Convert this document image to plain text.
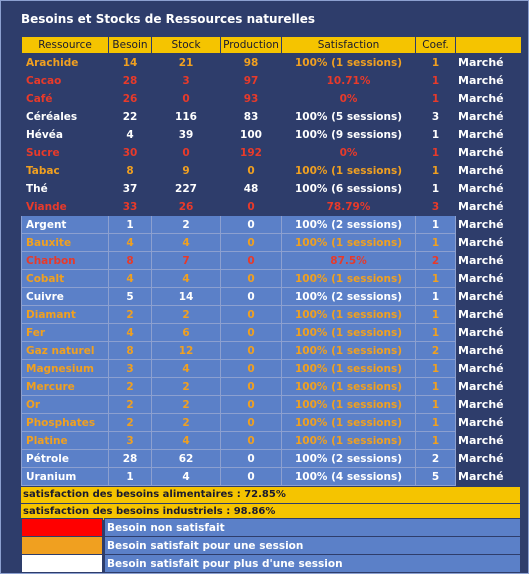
Besoins et Stocks de Ressources naturelles
Ressource	Besoin	Stock	Production	Satisfaction	Coef.	
Arachide	14	21	98	100% (1 sessions)	1	Marché
Cacao	28	3	97	10.71%	1	Marché
Café	26	0	93	0%	1	Marché
Céréales	22	116	83	100% (5 sessions)	3	Marché
Hévéa	4	39	100	100% (9 sessions)	1	Marché
Sucre	30	0	192	0%	1	Marché
Tabac	8	9	0	100% (1 sessions)	1	Marché
Thé	37	227	48	100% (6 sessions)	1	Marché
Viande	33	26	0	78.79%	3	Marché
Argent	1	2	0	100% (2 sessions)	1	Marché
Bauxite	4	4	0	100% (1 sessions)	1	Marché
Charbon	8	7	0	87.5%	2	Marché
Cobalt	4	4	0	100% (1 sessions)	1	Marché
Cuivre	5	14	0	100% (2 sessions)	1	Marché
Diamant	2	2	0	100% (1 sessions)	1	Marché
Fer	4	6	0	100% (1 sessions)	1	Marché
Gaz naturel	8	12	0	100% (1 sessions)	2	Marché
Magnesium	3	4	0	100% (1 sessions)	1	Marché
Mercure	2	2	0	100% (1 sessions)	1	Marché
Or	2	2	0	100% (1 sessions)	1	Marché
Phosphates	2	2	0	100% (1 sessions)	1	Marché
Platine	3	4	0	100% (1 sessions)	1	Marché
Pétrole	28	62	0	100% (2 sessions)	2	Marché
Uranium	1	4	0	100% (4 sessions)	5	Marché
satisfaction des besoins alimentaires : 72.85%
satisfaction des besoins industriels : 98.86%
Besoin non satisfait
Besoin satisfait pour une session
Besoin satisfait pour plus d'une session
